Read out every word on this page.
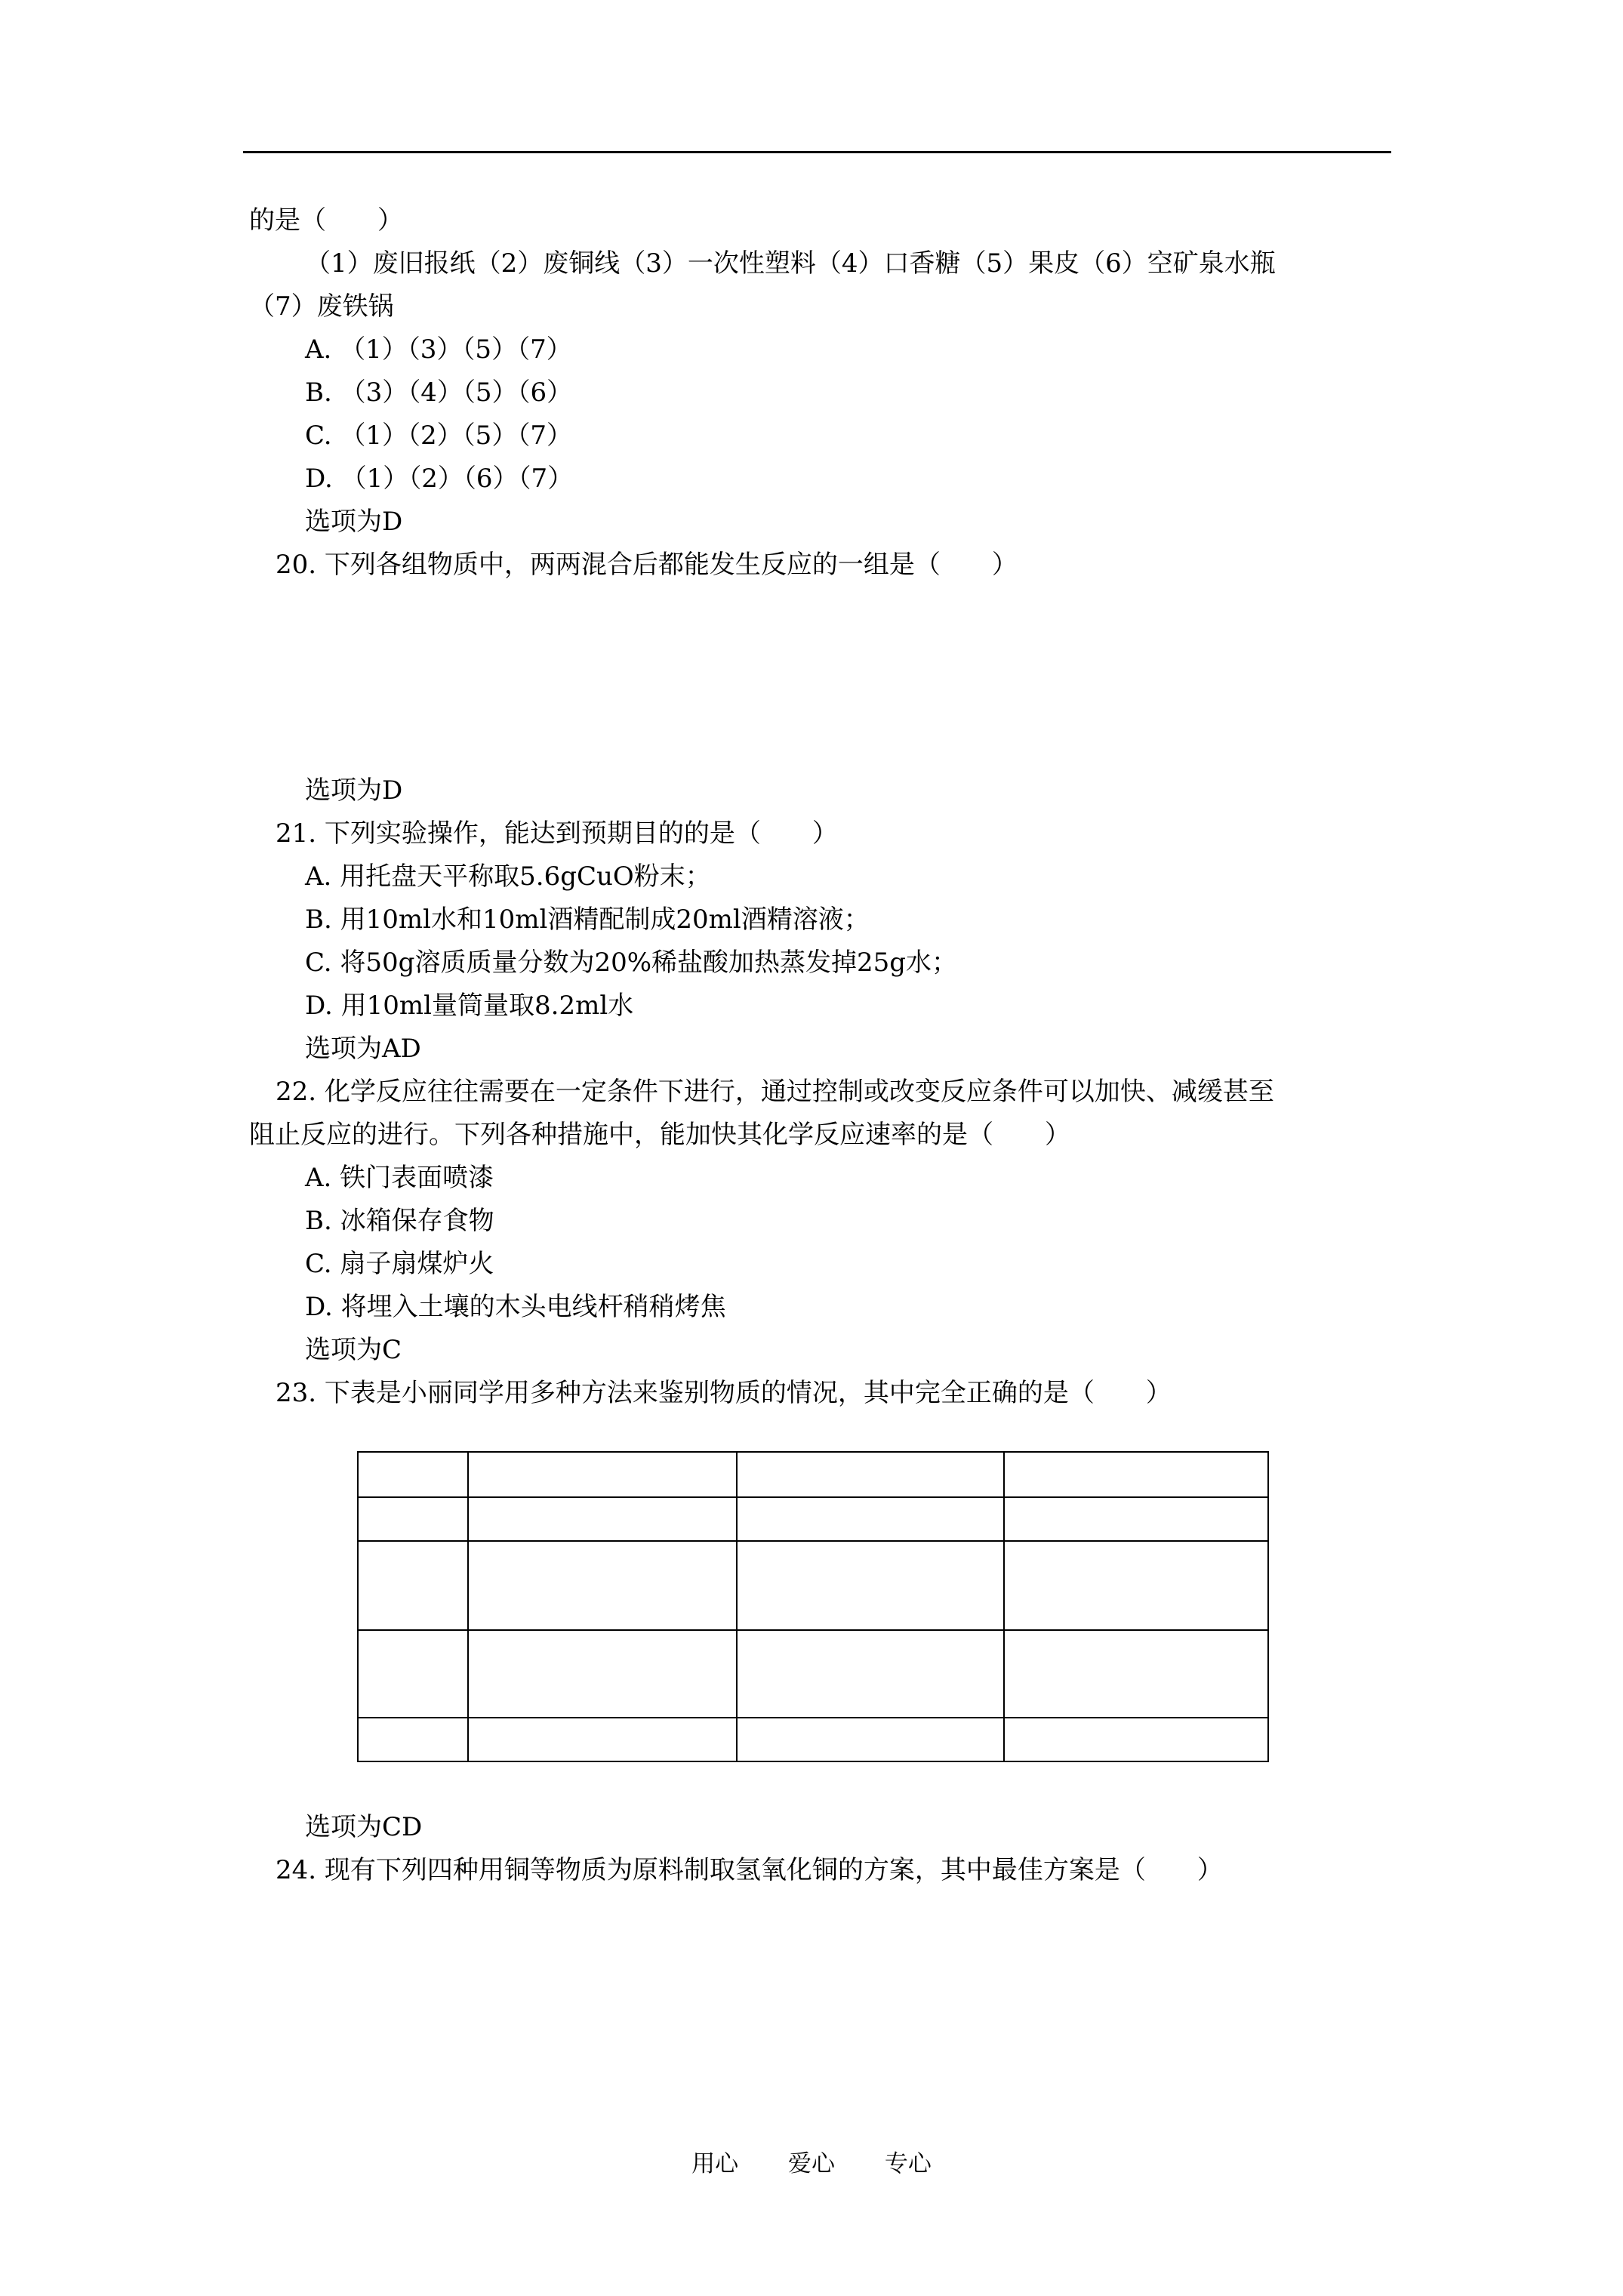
的是（　　）
（1）废旧报纸（2）废铜线（3）一次性塑料（4）口香糖（5）果皮（6）空矿泉水瓶
（7）废铁锅
A. （1）（3）（5）（7）
B. （3）（4）（5）（6）
C. （1）（2）（5）（7）
D. （1）（2）（6）（7）
选项为D
20. 下列各组物质中，两两混合后都能发生反应的一组是（　　）
选项为D
21. 下列实验操作，能达到预期目的的是（　　）
A. 用托盘天平称取5.6gCuO粉末；
B. 用10ml水和10ml酒精配制成20ml酒精溶液；
C. 将50g溶质质量分数为20%稀盐酸加热蒸发掉25g水；
D. 用10ml量筒量取8.2ml水
选项为AD
22. 化学反应往往需要在一定条件下进行，通过控制或改变反应条件可以加快、减缓甚至
阻止反应的进行。下列各种措施中，能加快其化学反应速率的是（　　）
A. 铁门表面喷漆
B. 冰箱保存食物
C. 扇子扇煤炉火
D. 将埋入土壤的木头电线杆稍稍烤焦
选项为C
23. 下表是小丽同学用多种方法来鉴别物质的情况，其中完全正确的是（　　）
选项为CD
24. 现有下列四种用铜等物质为原料制取氢氧化铜的方案，其中最佳方案是（　　）
用心 爱心 专心
